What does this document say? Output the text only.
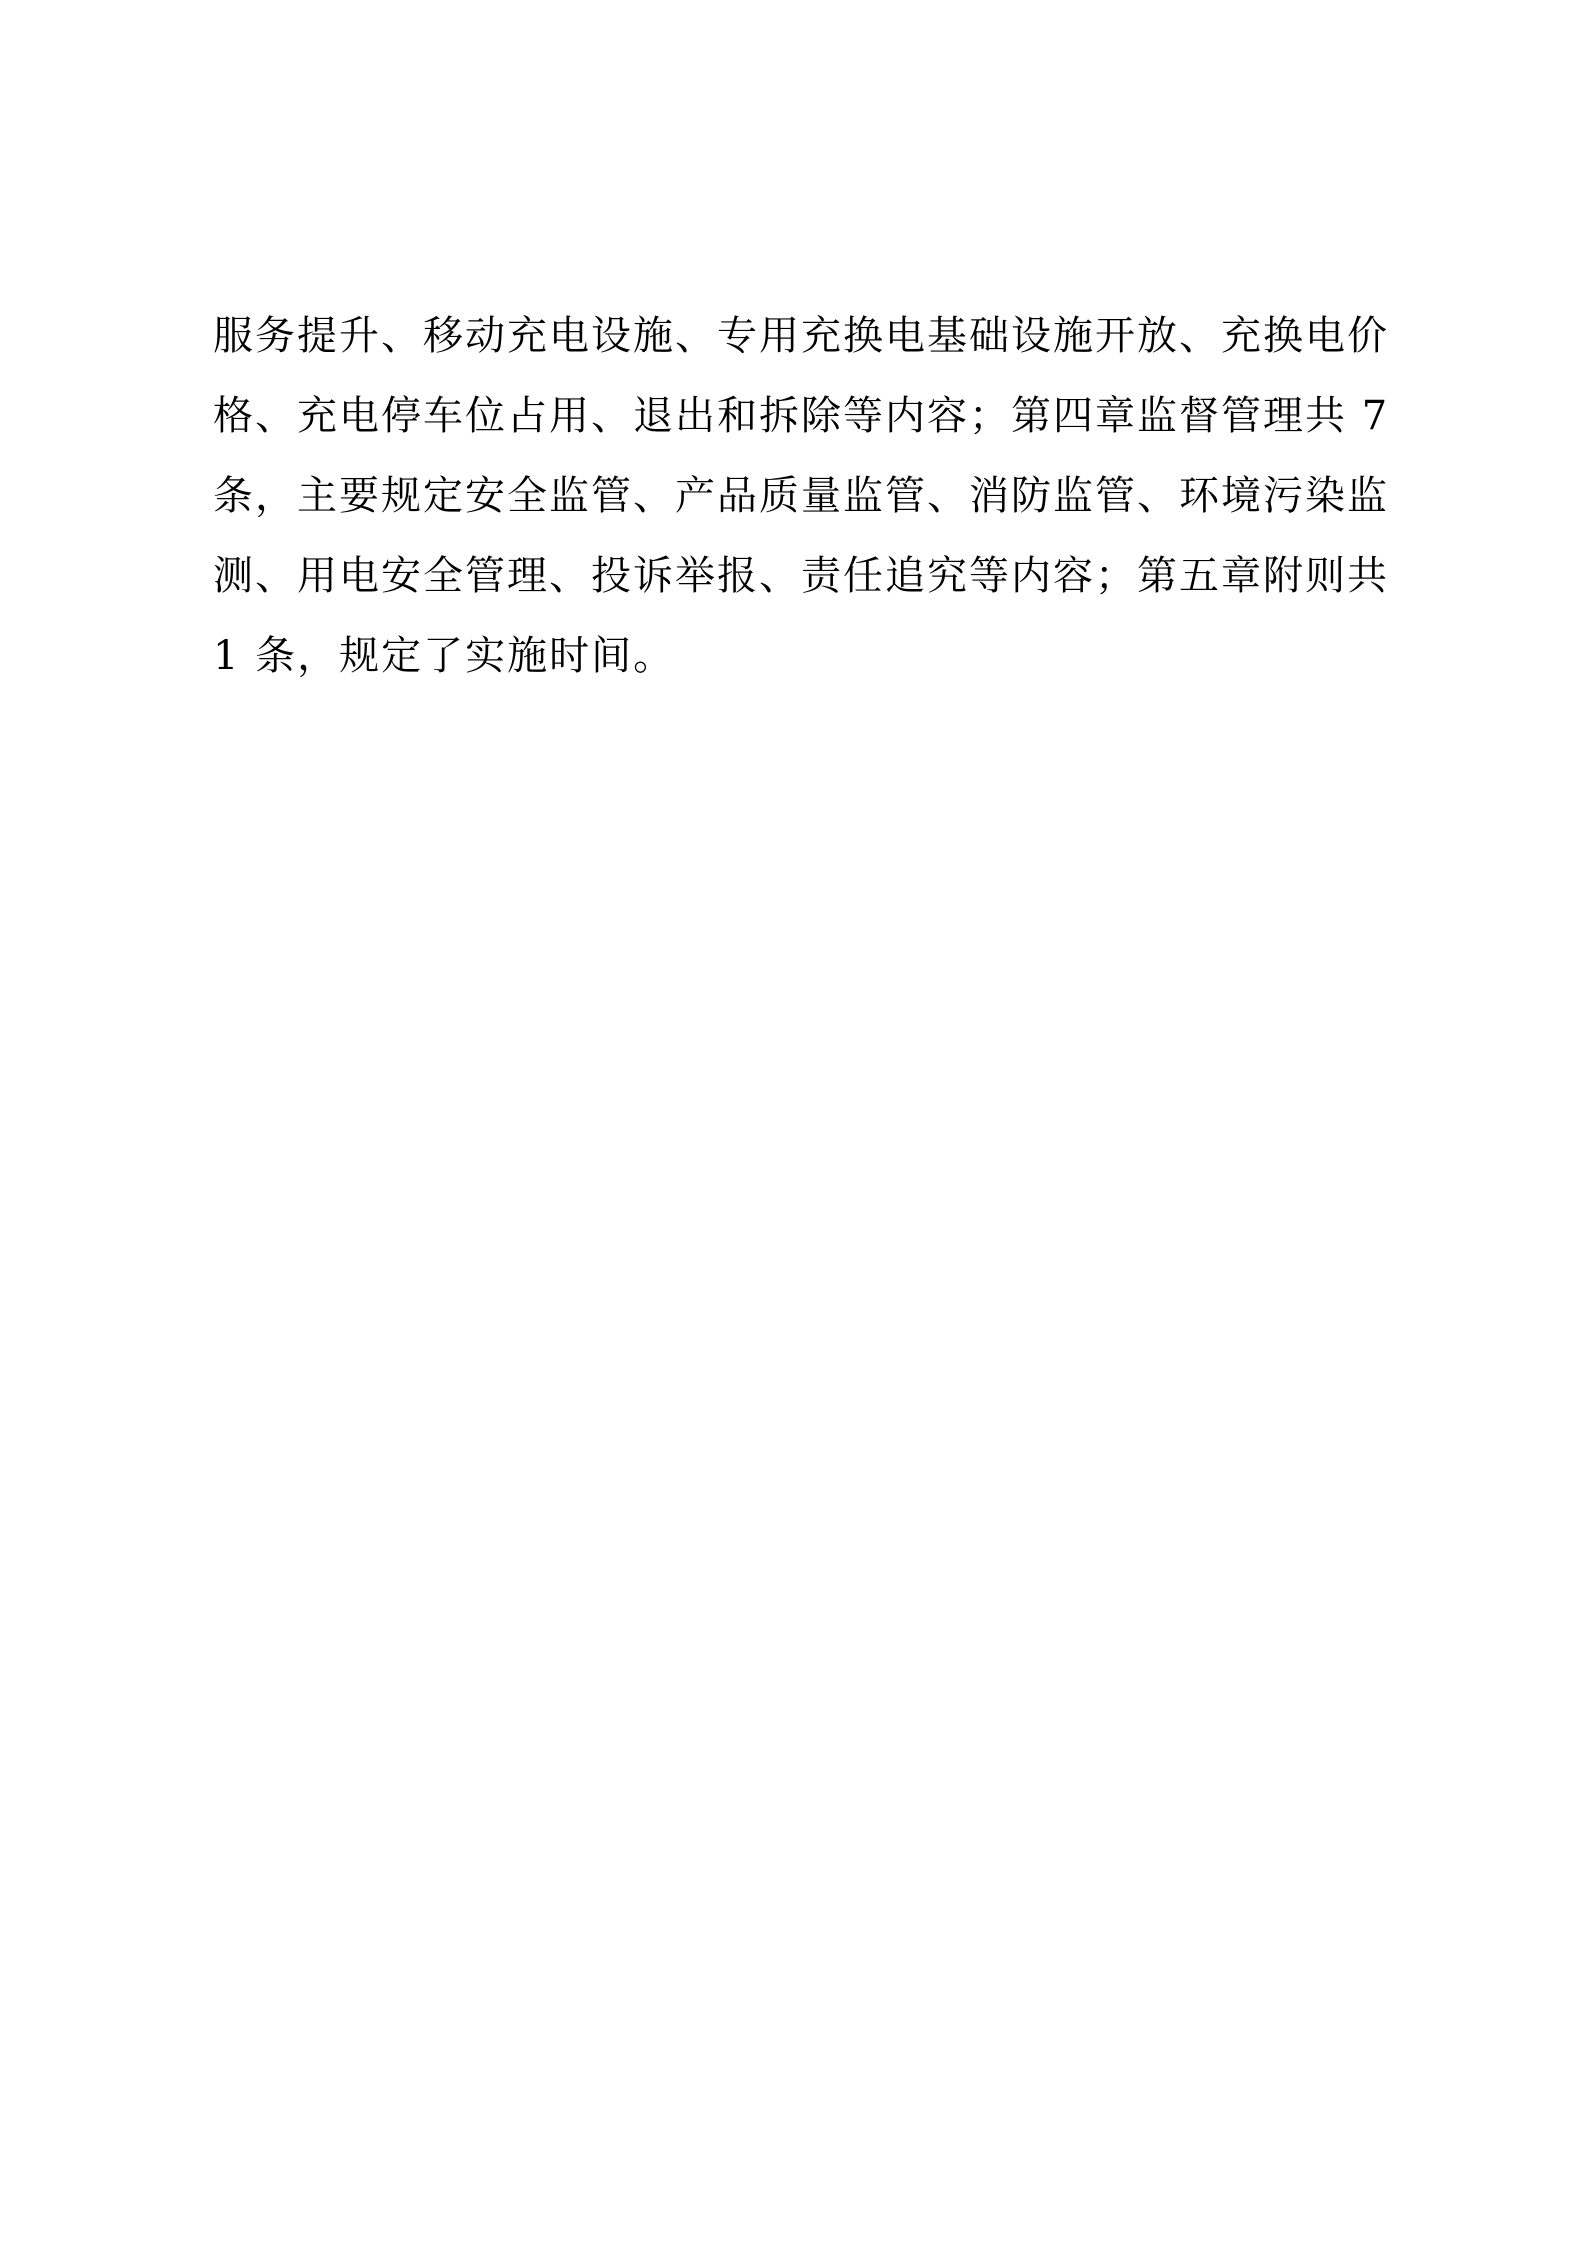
服务提升、移动充电设施、专用充换电基础设施开放、充换电价
格、充电停车位占用、退出和拆除等内容；第四章监督管理共 7
条，主要规定安全监管、产品质量监管、消防监管、环境污染监
测、用电安全管理、投诉举报、责任追究等内容；第五章附则共
1 条，规定了实施时间。
